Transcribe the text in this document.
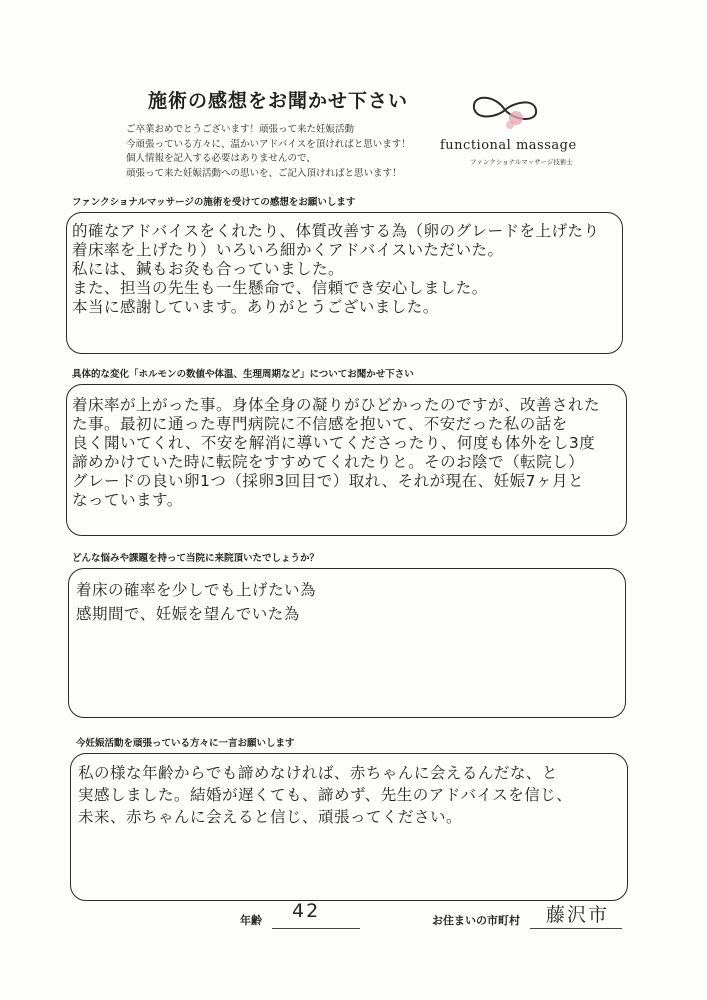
施術の感想をお聞かせ下さい
ご卒業おめでとうございます！頑張って来た妊娠活動
今頑張っている方々に、温かいアドバイスを頂ければと思います！
個人情報を記入する必要はありませんので、
頑張って来た妊娠活動への思いを、ご記入頂ければと思います！
functional massage
ファンクショナルマッサージ技術士
ファンクショナルマッサージの施術を受けての感想をお願いします
的確なアドバイスをくれたり、体質改善する為（卵のグレードを上げたり
着床率を上げたり）いろいろ細かくアドバイスいただいた。
私には、鍼もお灸も合っていました。
また、担当の先生も一生懸命で、信頼でき安心しました。
本当に感謝しています。ありがとうございました。
具体的な変化「ホルモンの数値や体温、生理周期など」についてお聞かせ下さい
着床率が上がった事。身体全身の凝りがひどかったのですが、改善された
た事。最初に通った専門病院に不信感を抱いて、不安だった私の話を
良く聞いてくれ、不安を解消に導いてくださったり、何度も体外をし3度
諦めかけていた時に転院をすすめてくれたりと。そのお陰で（転院し）
グレードの良い卵1つ（採卵3回目で）取れ、それが現在、妊娠7ヶ月と
なっています。
どんな悩みや課題を持って当院に来院頂いたでしょうか？
着床の確率を少しでも上げたい為
感期間で、妊娠を望んでいた為
今妊娠活動を頑張っている方々に一言お願いします
私の様な年齢からでも諦めなければ、赤ちゃんに会えるんだな、と
実感しました。結婚が遅くても、諦めず、先生のアドバイスを信じ、
未来、赤ちゃんに会えると信じ、頑張ってください。
年齢 42	お住まいの市町村 藤沢市
